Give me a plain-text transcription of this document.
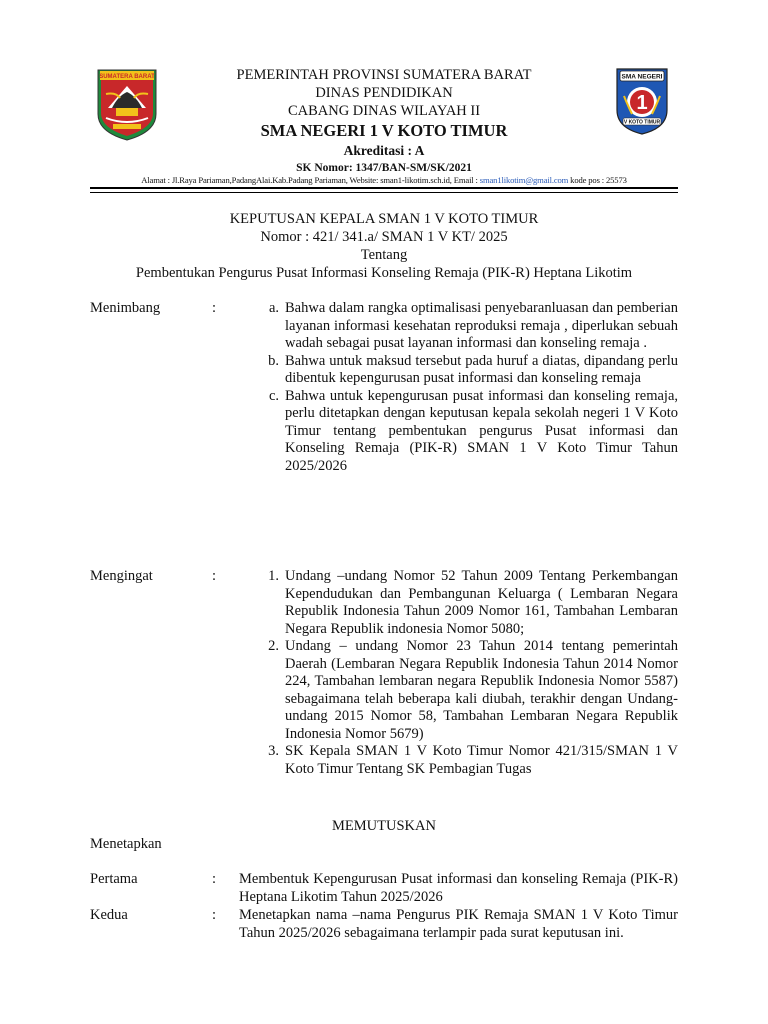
SUMATERA BARAT	SMA NEGERI
1
V KOTO TIMUR
PEMERINTAH PROVINSI SUMATERA BARAT
DINAS PENDIDIKAN
CABANG DINAS WILAYAH II
SMA NEGERI 1 V KOTO TIMUR
Akreditasi : A
SK Nomor: 1347/BAN-SM/SK/2021
Alamat : Jl.Raya Pariaman,PadangAlai.Kab.Padang Pariaman, Website: sman1-likotim.sch.id, Email : sman1likotim@gmail.com kode pos : 25573
KEPUTUSAN KEPALA SMAN 1 V KOTO TIMUR
Nomor : 421/ 341.a/ SMAN 1 V KT/ 2025
Tentang
Pembentukan Pengurus Pusat Informasi Konseling Remaja (PIK-R) Heptana Likotim
Menimbang	:	a. Bahwa dalam rangka optimalisasi penyebaranluasan dan pemberian layanan informasi kesehatan reproduksi remaja , diperlukan sebuah wadah sebagai pusat layanan informasi dan konseling remaja .
b. Bahwa untuk maksud tersebut pada huruf a diatas, dipandang perlu dibentuk kepengurusan pusat informasi dan konseling remaja
c. Bahwa untuk kepengurusan pusat informasi dan konseling remaja, perlu ditetapkan dengan keputusan kepala sekolah negeri 1 V Koto Timur tentang pembentukan pengurus Pusat informasi dan Konseling Remaja (PIK-R) SMAN 1 V Koto Timur Tahun 2025/2026
Mengingat	:	1. Undang –undang Nomor 52 Tahun 2009 Tentang Perkembangan Kependudukan dan Pembangunan Keluarga ( Lembaran Negara Republik Indonesia Tahun 2009 Nomor 161, Tambahan Lembaran Negara Republik indonesia Nomor 5080;
2. Undang – undang Nomor 23 Tahun 2014 tentang pemerintah Daerah (Lembaran Negara Republik Indonesia Tahun 2014 Nomor 224, Tambahan lembaran negara Republik Indonesia Nomor 5587) sebagaimana telah beberapa kali diubah, terakhir dengan Undang-undang 2015 Nomor 58, Tambahan Lembaran Negara Republik Indonesia Nomor 5679)
3. SK Kepala SMAN 1 V Koto Timur Nomor 421/315/SMAN 1 V Koto Timur Tentang SK Pembagian Tugas
MEMUTUSKAN
Menetapkan
Pertama	: Membentuk Kepengurusan Pusat informasi dan konseling Remaja (PIK-R) Heptana Likotim Tahun 2025/2026
Kedua	: Menetapkan nama –nama Pengurus PIK Remaja SMAN 1 V Koto Timur Tahun 2025/2026 sebagaimana terlampir pada surat keputusan ini.
